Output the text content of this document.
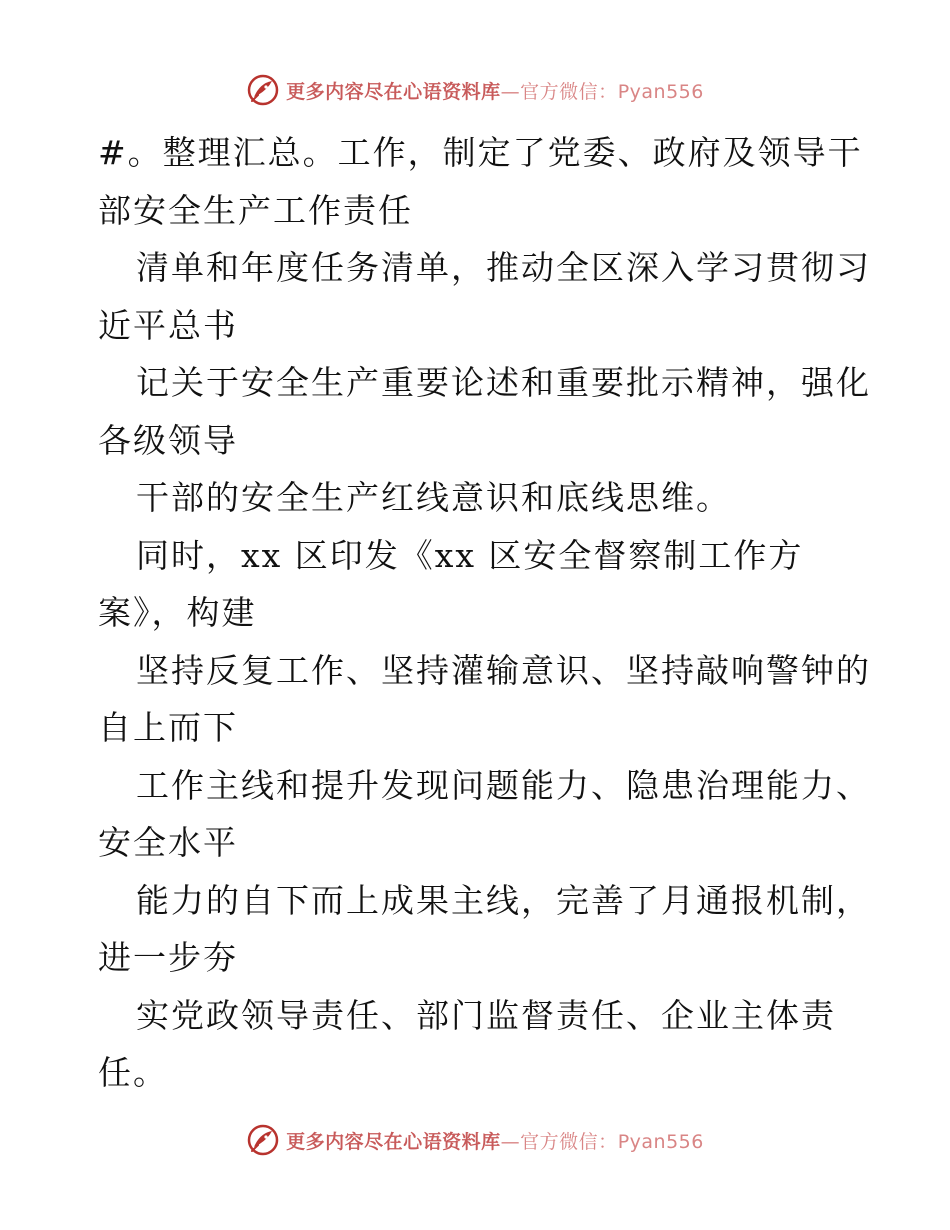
更多内容尽在心语资料库—官方微信：Pyan556
#。整理汇总。工作，制定了党委、政府及领导干
部安全生产工作责任
清单和年度任务清单，推动全区深入学习贯彻习
近平总书
记关于安全生产重要论述和重要批示精神，强化
各级领导
干部的安全生产红线意识和底线思维。
同时，xx 区印发《xx 区安全督察制工作方
案》，构建
坚持反复工作、坚持灌输意识、坚持敲响警钟的
自上而下
工作主线和提升发现问题能力、隐患治理能力、
安全水平
能力的自下而上成果主线，完善了月通报机制，
进一步夯
实党政领导责任、部门监督责任、企业主体责
任。
更多内容尽在心语资料库—官方微信：Pyan556
